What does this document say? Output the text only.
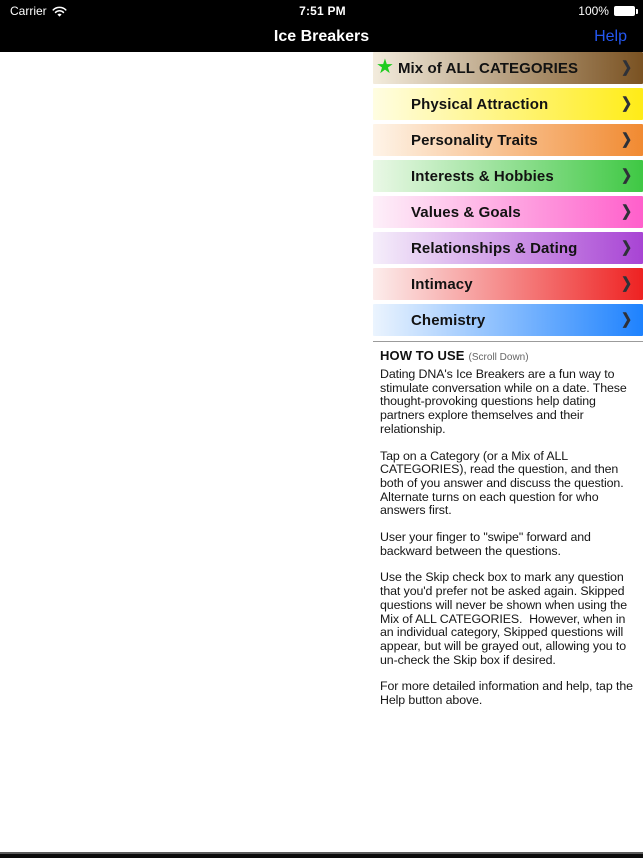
Carrier	7:51 PM	100%
Ice Breakers	Help
★ Mix of ALL CATEGORIES	❯
Physical Attraction	❯
Personality Traits	❯
Interests & Hobbies	❯
Values & Goals	❯
Relationships & Dating	❯
Intimacy	❯
Chemistry	❯
HOW TO USE (Scroll Down)

Dating DNA's Ice Breakers are a fun way to stimulate conversation while on a date. These thought-provoking questions help dating partners explore themselves and their relationship.

Tap on a Category (or a Mix of ALL CATEGORIES), read the question, and then both of you answer and discuss the question. Alternate turns on each question for who answers first.

User your finger to "swipe" forward and backward between the questions.

Use the Skip check box to mark any question that you'd prefer not be asked again. Skipped questions will never be shown when using the Mix of ALL CATEGORIES.  However, when in an individual category, Skipped questions will appear, but will be grayed out, allowing you to un-check the Skip box if desired.

For more detailed information and help, tap the Help button above.
